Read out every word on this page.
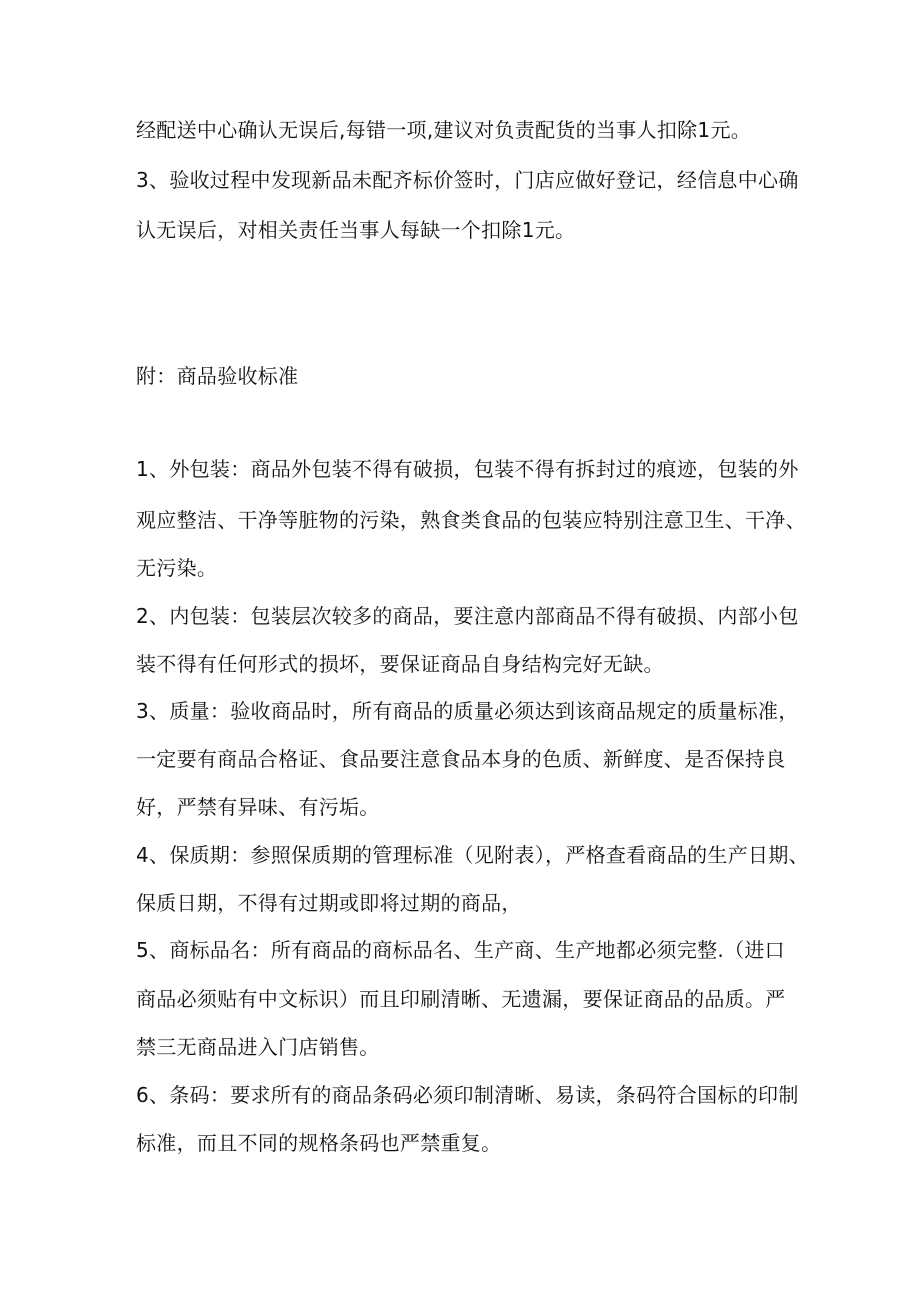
经配送中心确认无误后,每错一项,建议对负责配货的当事人扣除1元。
3、验收过程中发现新品未配齐标价签时，门店应做好登记，经信息中心确
认无误后，对相关责任当事人每缺一个扣除1元。
附：商品验收标准
1、外包装：商品外包装不得有破损，包装不得有拆封过的痕迹，包装的外
观应整洁、干净等脏物的污染，熟食类食品的包装应特别注意卫生、干净、
无污染。
2、内包装：包装层次较多的商品，要注意内部商品不得有破损、内部小包
装不得有任何形式的损坏，要保证商品自身结构完好无缺。
3、质量：验收商品时，所有商品的质量必须达到该商品规定的质量标准，
一定要有商品合格证、食品要注意食品本身的色质、新鲜度、是否保持良
好，严禁有异味、有污垢。
4、保质期：参照保质期的管理标准（见附表），严格查看商品的生产日期、
保质日期，不得有过期或即将过期的商品，
5、商标品名：所有商品的商标品名、生产商、生产地都必须完整.（进口
商品必须贴有中文标识）而且印刷清晰、无遗漏，要保证商品的品质。严
禁三无商品进入门店销售。
6、条码：要求所有的商品条码必须印制清晰、易读，条码符合国标的印制
标准，而且不同的规格条码也严禁重复。
